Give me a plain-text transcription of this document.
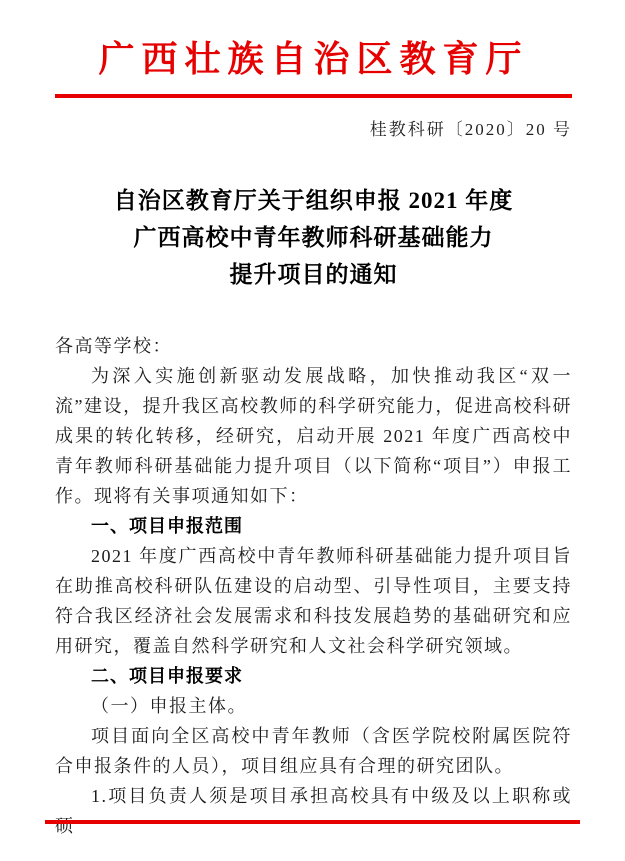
广西壮族自治区教育厅
桂教科研〔2020〕20 号
自治区教育厅关于组织申报 2021 年度
广西高校中青年教师科研基础能力
提升项目的通知

各高等学校：

为深入实施创新驱动发展战略，加快推动我区“双一流”建设，提升我区高校教师的科学研究能力，促进高校科研成果的转化转移，经研究，启动开展 2021 年度广西高校中青年教师科研基础能力提升项目（以下简称“项目”）申报工作。现将有关事项通知如下：

一、项目申报范围

2021 年度广西高校中青年教师科研基础能力提升项目旨在助推高校科研队伍建设的启动型、引导性项目，主要支持符合我区经济社会发展需求和科技发展趋势的基础研究和应用研究，覆盖自然科学研究和人文社会科学研究领域。

二、项目申报要求

（一）申报主体。

项目面向全区高校中青年教师（含医学院校附属医院符合申报条件的人员），项目组应具有合理的研究团队。

1.项目负责人须是项目承担高校具有中级及以上职称或硕
